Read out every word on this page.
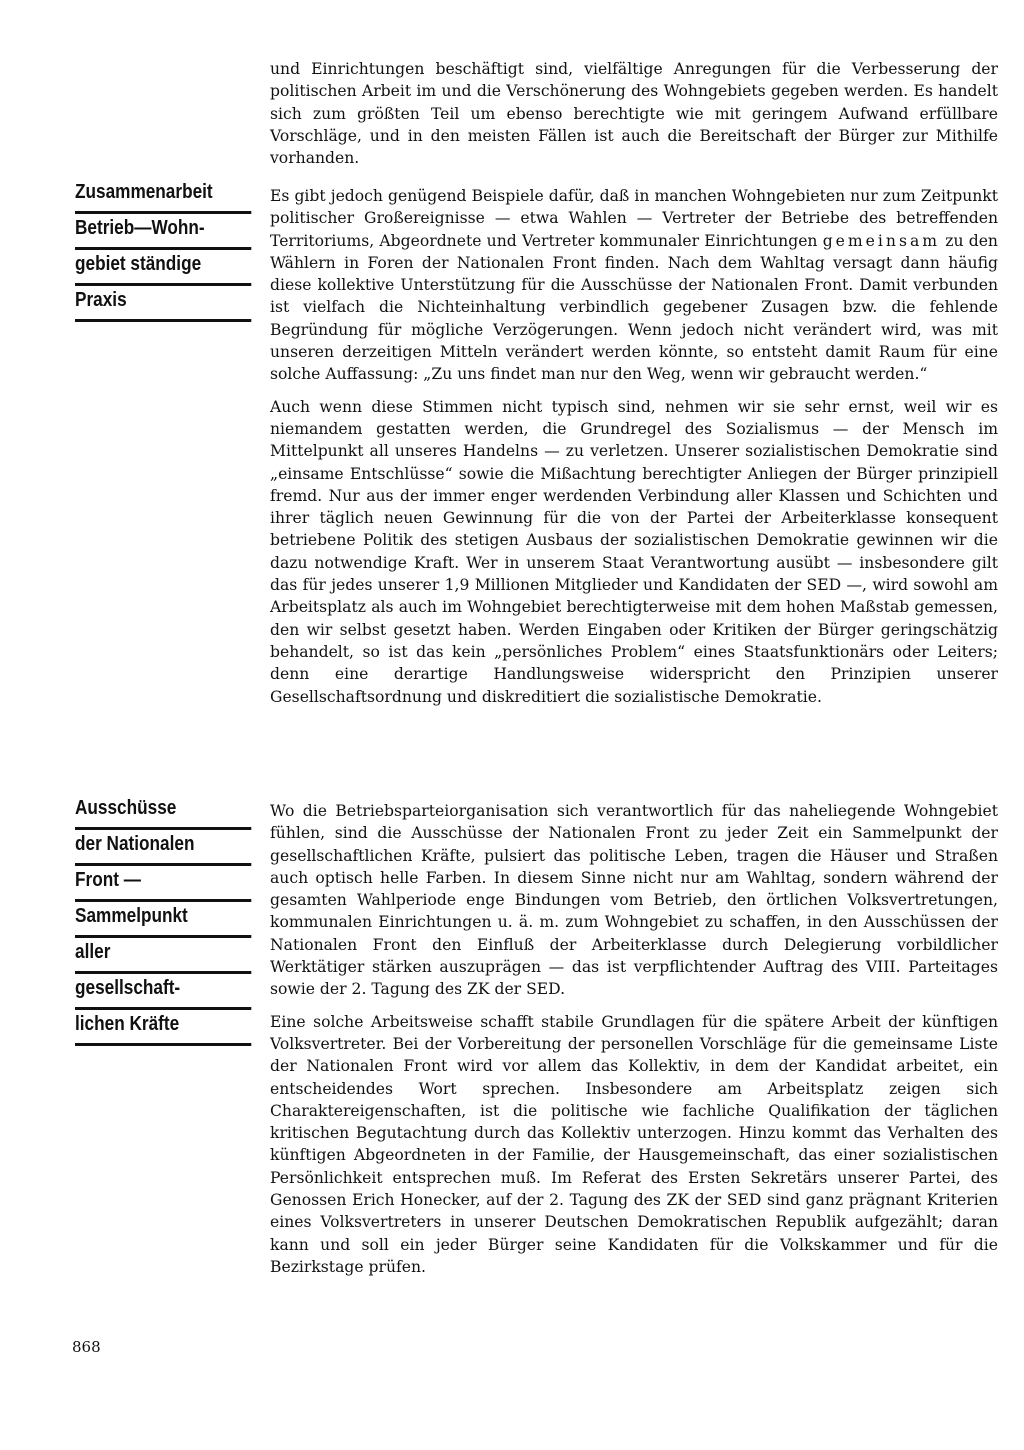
Zusammenarbeit
Betrieb—Wohn-
gebiet ständige
Praxis
Ausschüsse
der Nationalen
Front —
Sammelpunkt
aller
gesellschaft-
lichen Kräfte

und Einrichtungen beschäftigt sind, vielfältige Anregungen für die Verbesserung der politischen Arbeit im und die Verschönerung des Wohngebiets gegeben werden. Es handelt sich zum größten Teil um ebenso berechtigte wie mit geringem Aufwand erfüllbare Vorschläge, und in den meisten Fällen ist auch die Bereitschaft der Bürger zur Mithilfe vorhanden.

Es gibt jedoch genügend Beispiele dafür, daß in manchen Wohngebieten nur zum Zeitpunkt politischer Großereignisse — etwa Wahlen — Vertreter der Betriebe des betreffenden Territoriums, Abgeordnete und Vertreter kommunaler Einrichtungen gemeinsam zu den Wählern in Foren der Nationalen Front finden. Nach dem Wahltag versagt dann häufig diese kollektive Unterstützung für die Ausschüsse der Nationalen Front. Damit verbunden ist vielfach die Nichteinhaltung verbindlich gegebener Zusagen bzw. die fehlende Begründung für mögliche Verzögerungen. Wenn jedoch nicht verändert wird, was mit unseren derzeitigen Mitteln verändert werden könnte, so entsteht damit Raum für eine solche Auffassung: „Zu uns findet man nur den Weg, wenn wir gebraucht werden.“

Auch wenn diese Stimmen nicht typisch sind, nehmen wir sie sehr ernst, weil wir es niemandem gestatten werden, die Grundregel des Sozialismus — der Mensch im Mittelpunkt all unseres Handelns — zu verletzen. Unserer sozialistischen Demokratie sind „einsame Entschlüsse“ sowie die Mißachtung berechtigter Anliegen der Bürger prinzipiell fremd. Nur aus der immer enger werdenden Verbindung aller Klassen und Schichten und ihrer täglich neuen Gewinnung für die von der Partei der Arbeiterklasse konsequent betriebene Politik des stetigen Ausbaus der sozialistischen Demokratie gewinnen wir die dazu notwendige Kraft. Wer in unserem Staat Verantwortung ausübt — insbesondere gilt das für jedes unserer 1,9 Millionen Mitglieder und Kandidaten der SED —, wird sowohl am Arbeitsplatz als auch im Wohngebiet berechtigterweise mit dem hohen Maßstab gemessen, den wir selbst gesetzt haben. Werden Eingaben oder Kritiken der Bürger geringschätzig behandelt, so ist das kein „persönliches Problem“ eines Staatsfunktionärs oder Leiters; denn eine derartige Handlungsweise widerspricht den Prinzipien unserer Gesellschaftsordnung und diskreditiert die sozialistische Demokratie.

Wo die Betriebsparteiorganisation sich verantwortlich für das naheliegende Wohngebiet fühlen, sind die Ausschüsse der Nationalen Front zu jeder Zeit ein Sammelpunkt der gesellschaftlichen Kräfte, pulsiert das politische Leben, tragen die Häuser und Straßen auch optisch helle Farben. In diesem Sinne nicht nur am Wahltag, sondern während der gesamten Wahlperiode enge Bindungen vom Betrieb, den örtlichen Volksvertretungen, kommunalen Einrichtungen u. ä. m. zum Wohngebiet zu schaffen, in den Ausschüssen der Nationalen Front den Einfluß der Arbeiterklasse durch Delegierung vorbildlicher Werktätiger stärken auszuprägen — das ist verpflichtender Auftrag des VIII. Parteitages sowie der 2. Tagung des ZK der SED.

Eine solche Arbeitsweise schafft stabile Grundlagen für die spätere Arbeit der künftigen Volksvertreter. Bei der Vorbereitung der personellen Vorschläge für die gemeinsame Liste der Nationalen Front wird vor allem das Kollektiv, in dem der Kandidat arbeitet, ein entscheidendes Wort sprechen. Insbesondere am Arbeitsplatz zeigen sich Charaktereigenschaften, ist die politische wie fachliche Qualifikation der täglichen kritischen Begutachtung durch das Kollektiv unterzogen. Hinzu kommt das Verhalten des künftigen Abgeordneten in der Familie, der Hausgemeinschaft, das einer sozialistischen Persönlichkeit entsprechen muß. Im Referat des Ersten Sekretärs unserer Partei, des Genossen Erich Honecker, auf der 2. Tagung des ZK der SED sind ganz prägnant Kriterien eines Volksvertreters in unserer Deutschen Demokratischen Republik aufgezählt; daran kann und soll ein jeder Bürger seine Kandidaten für die Volkskammer und für die Bezirkstage prüfen.

868
